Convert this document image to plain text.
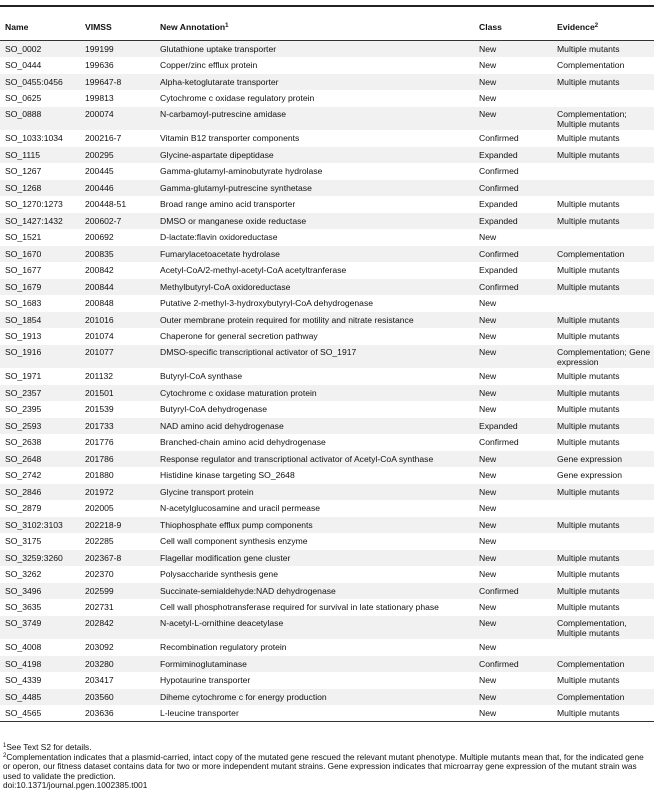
Name	VIMSS	New Annotation$^1$	Class	Evidence$^2$
SO_0002	199199	Glutathione uptake transporter	New	Multiple mutants
SO_0444	199636	Copper/zinc efflux protein	New	Complementation
SO_0455:0456	199647-8	Alpha-ketoglutarate transporter	New	Multiple mutants
SO_0625	199813	Cytochrome c oxidase regulatory protein	New	
SO_0888	200074	N-carbamoyl-putrescine amidase	New	Complementation; Multiple mutants
SO_1033:1034	200216-7	Vitamin B12 transporter components	Confirmed	Multiple mutants
SO_1115	200295	Glycine-aspartate dipeptidase	Expanded	Multiple mutants
SO_1267	200445	Gamma-glutamyl-aminobutyrate hydrolase	Confirmed	
SO_1268	200446	Gamma-glutamyl-putrescine synthetase	Confirmed	
SO_1270:1273	200448-51	Broad range amino acid transporter	Expanded	Multiple mutants
SO_1427:1432	200602-7	DMSO or manganese oxide reductase	Expanded	Multiple mutants
SO_1521	200692	D-lactate:flavin oxidoreductase	New	
SO_1670	200835	Fumarylacetoacetate hydrolase	Confirmed	Complementation
SO_1677	200842	Acetyl-CoA/2-methyl-acetyl-CoA acetyltranferase	Expanded	Multiple mutants
SO_1679	200844	Methylbutyryl-CoA oxidoreductase	Confirmed	Multiple mutants
SO_1683	200848	Putative 2-methyl-3-hydroxybutyryl-CoA dehydrogenase	New	
SO_1854	201016	Outer membrane protein required for motility and nitrate resistance	New	Multiple mutants
SO_1913	201074	Chaperone for general secretion pathway	New	Multiple mutants
SO_1916	201077	DMSO-specific transcriptional activator of SO_1917	New	Complementation; Gene expression
SO_1971	201132	Butyryl-CoA synthase	New	Multiple mutants
SO_2357	201501	Cytochrome c oxidase maturation protein	New	Multiple mutants
SO_2395	201539	Butyryl-CoA dehydrogenase	New	Multiple mutants
SO_2593	201733	NAD amino acid dehydrogenase	Expanded	Multiple mutants
SO_2638	201776	Branched-chain amino acid dehydrogenase	Confirmed	Multiple mutants
SO_2648	201786	Response regulator and transcriptional activator of Acetyl-CoA synthase	New	Gene expression
SO_2742	201880	Histidine kinase targeting SO_2648	New	Gene expression
SO_2846	201972	Glycine transport protein	New	Multiple mutants
SO_2879	202005	N-acetylglucosamine and uracil permease	New	
SO_3102:3103	202218-9	Thiophosphate efflux pump components	New	Multiple mutants
SO_3175	202285	Cell wall component synthesis enzyme	New	
SO_3259:3260	202367-8	Flagellar modification gene cluster	New	Multiple mutants
SO_3262	202370	Polysaccharide synthesis gene	New	Multiple mutants
SO_3496	202599	Succinate-semialdehyde:NAD dehydrogenase	Confirmed	Multiple mutants
SO_3635	202731	Cell wall phosphotransferase required for survival in late stationary phase	New	Multiple mutants
SO_3749	202842	N-acetyl-L-ornithine deacetylase	New	Complementation, Multiple mutants
SO_4008	203092	Recombination regulatory protein	New	
SO_4198	203280	Formiminoglutaminase	Confirmed	Complementation
SO_4339	203417	Hypotaurine transporter	New	Multiple mutants
SO_4485	203560	Diheme cytochrome c for energy production	New	Complementation
SO_4565	203636	L-leucine transporter	New	Multiple mutants

$^1$See Text S2 for details.

$^2$Complementation indicates that a plasmid-carried, intact copy of the mutated gene rescued the relevant mutant phenotype. Multiple mutants mean that, for the indicated gene or operon, our fitness dataset contains data for two or more independent mutant strains. Gene expression indicates that microarray gene expression of the mutant strain was used to validate the prediction.

doi:10.1371/journal.pgen.1002385.t001
